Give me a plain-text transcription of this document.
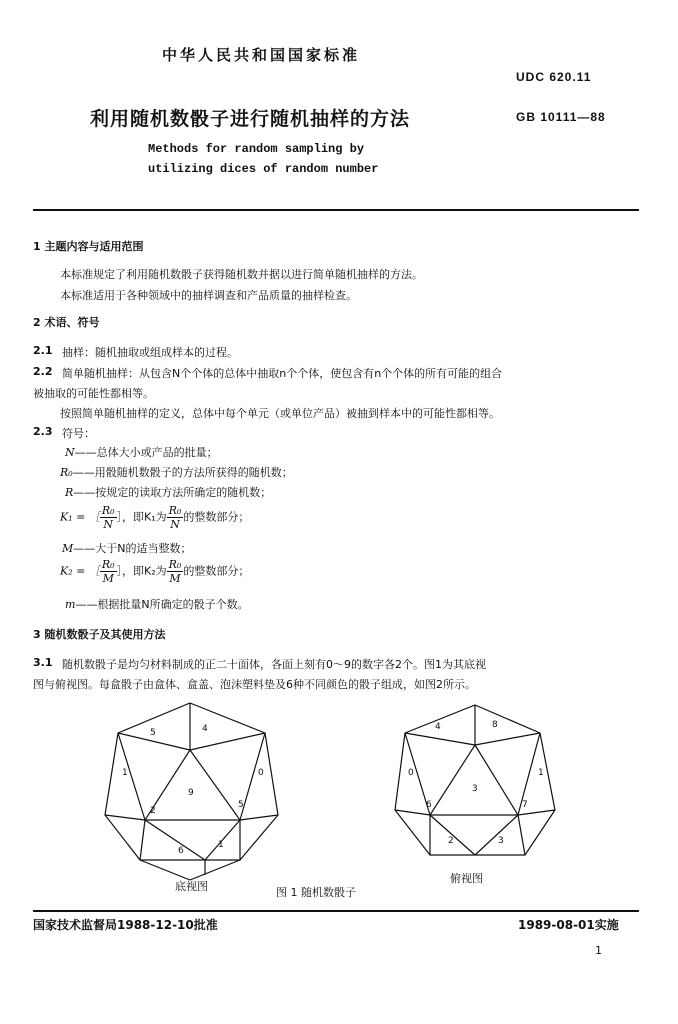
中华人民共和国国家标准
UDC 620.11
利用随机数骰子进行随机抽样的方法	GB 10111—88
Methods for random sampling by
utilizing dices of random number
1 主题内容与适用范围
本标准规定了利用随机数骰子获得随机数并据以进行简单随机抽样的方法。
本标准适用于各种领域中的抽样调查和产品质量的抽样检查。
2 术语、符号
2.1 抽样：随机抽取或组成样本的过程。
2.2 简单随机抽样：从包含N个个体的总体中抽取n个个体，使包含有n个个体的所有可能的组合
被抽取的可能性都相等。
按照简单随机抽样的定义，总体中每个单元（或单位产品）被抽到样本中的可能性都相等。
2.3 符号：
N——总体大小或产品的批量；
R₀——用骰随机数骰子的方法所获得的随机数；
R——按规定的读取方法所确定的随机数；
K₁ = ［ $\frac{\text{R₀}}{N}$ ］，即K₁为 $\frac{\text{R₀}}{N}$ 的整数部分；
M——大于N的适当整数；
K₂ = ［ $\frac{\text{R₀}}{M}$ ］，即K₂为 $\frac{\text{R₀}}{M}$ 的整数部分；
m——根据批量N所确定的骰子个数。
3 随机数骰子及其使用方法
3.1 随机数骰子是均匀材料制成的正二十面体，各面上刻有0～9的数字各2个。图1为其底视
图与俯视图。每盒骰子由盒体、盒盖、泡沫塑料垫及6种不同颜色的骰子组成，如图2所示。
5	4
1	0
9
2
5
6
1
4	8
0	1
3
6	7
2	3
底视图
俯视图
图 1 随机数骰子
国家技术监督局1988-12-10批准	1989-08-01实施
1
